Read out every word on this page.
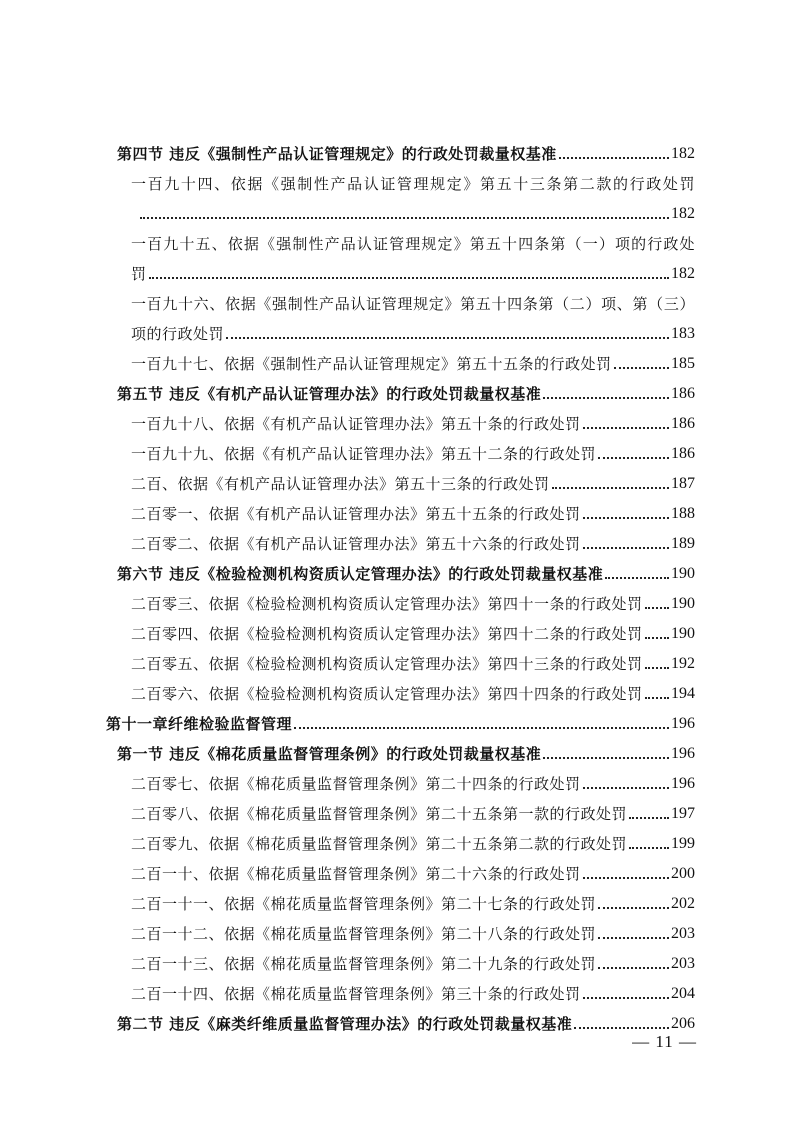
第四节 违反《强制性产品认证管理规定》的行政处罚裁量权基准	182
一百九十四、依据《强制性产品认证管理规定》第五十三条第二款的行政处罚
182
一百九十五、依据《强制性产品认证管理规定》第五十四条第（一）项的行政处
罚	182
一百九十六、依据《强制性产品认证管理规定》第五十四条第（二）项、第（三）
项的行政处罚	183
一百九十七、依据《强制性产品认证管理规定》第五十五条的行政处罚	185
第五节 违反《有机产品认证管理办法》的行政处罚裁量权基准	186
一百九十八、依据《有机产品认证管理办法》第五十条的行政处罚	186
一百九十九、依据《有机产品认证管理办法》第五十二条的行政处罚	186
二百、依据《有机产品认证管理办法》第五十三条的行政处罚	187
二百零一、依据《有机产品认证管理办法》第五十五条的行政处罚	188
二百零二、依据《有机产品认证管理办法》第五十六条的行政处罚	189
第六节 违反《检验检测机构资质认定管理办法》的行政处罚裁量权基准	190
二百零三、依据《检验检测机构资质认定管理办法》第四十一条的行政处罚 190
二百零四、依据《检验检测机构资质认定管理办法》第四十二条的行政处罚 190
二百零五、依据《检验检测机构资质认定管理办法》第四十三条的行政处罚 192
二百零六、依据《检验检测机构资质认定管理办法》第四十四条的行政处罚 194
第十一章纤维检验监督管理	196
第一节 违反《棉花质量监督管理条例》的行政处罚裁量权基准	196
二百零七、依据《棉花质量监督管理条例》第二十四条的行政处罚	196
二百零八、依据《棉花质量监督管理条例》第二十五条第一款的行政处罚	197
二百零九、依据《棉花质量监督管理条例》第二十五条第二款的行政处罚	199
二百一十、依据《棉花质量监督管理条例》第二十六条的行政处罚	200
二百一十一、依据《棉花质量监督管理条例》第二十七条的行政处罚	202
二百一十二、依据《棉花质量监督管理条例》第二十八条的行政处罚	203
二百一十三、依据《棉花质量监督管理条例》第二十九条的行政处罚	203
二百一十四、依据《棉花质量监督管理条例》第三十条的行政处罚	204
第二节 违反《麻类纤维质量监督管理办法》的行政处罚裁量权基准	206
— 11 —
